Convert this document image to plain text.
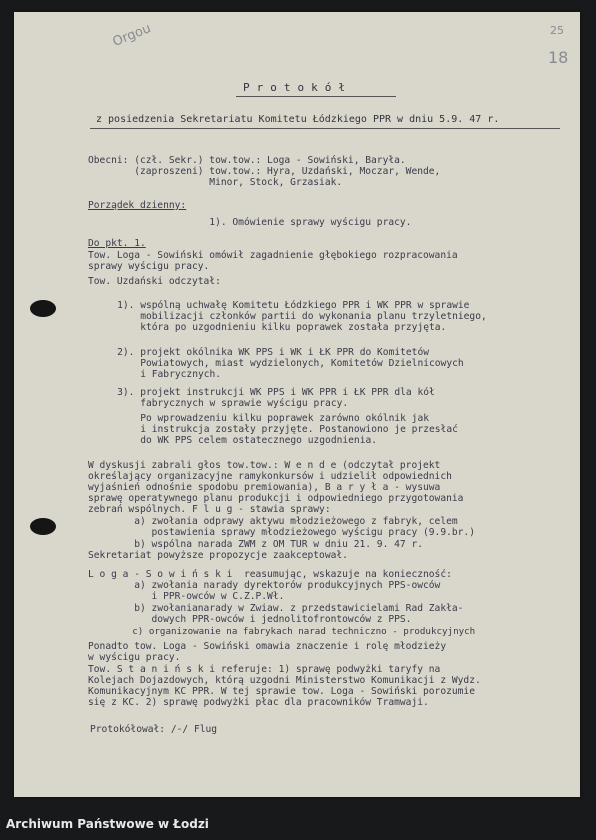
Orgou	25
18
Protokół
z posiedzenia Sekretariatu Komitetu Łódzkiego PPR w dniu 5.9. 47 r.
Obecni: (czł. Sekr.) tow.tow.: Loga - Sowiński, Baryła.
(zaproszeni) tow.tow.: Hyra, Uzdański, Moczar, Wende,
Minor, Stock, Grzasiak.
Porządek dzienny:
1). Omówienie sprawy wyścigu pracy.
Do pkt. 1.
Tow. Loga - Sowiński omówił zagadnienie głębokiego rozpracowania
sprawy wyścigu pracy.
Tow. Uzdański odczytał:
1). wspólną uchwałę Komitetu Łódzkiego PPR i WK PPR w sprawie
mobilizacji członków partii do wykonania planu trzyletniego,
która po uzgodnieniu kilku poprawek została przyjęta.
2). projekt okólnika WK PPS i WK i ŁK PPR do Komitetów
Powiatowych, miast wydzielonych, Komitetów Dzielnicowych
i Fabrycznych.
3). projekt instrukcji WK PPS i WK PPR i ŁK PPR dla kół
fabrycznych w sprawie wyścigu pracy.
Po wprowadzeniu kilku poprawek zarówno okólnik jak
i instrukcja zostały przyjęte. Postanowiono je przesłać
do WK PPS celem ostatecznego uzgodnienia.
W dyskusji zabrali głos tow.tow.: W e n d e (odczytał projekt
określający organizacyjne ramykonkursów i udzielił odpowiednich
wyjaśnień odnośnie spodobu premiowania), B a r y ł a - wysuwa
sprawę operatywnego planu produkcji i odpowiedniego przygotowania
zebrań wspólnych. F l u g - stawia sprawy:
a) zwołania odprawy aktywu młodzieżowego z fabryk, celem
postawienia sprawy młodzieżowego wyścigu pracy (9.9.br.)
b) wspólna narada ZWM z OM TUR w dniu 21. 9. 47 r.
Sekretariat powyższe propozycje zaakceptował.
L o g a - S o w i ń s k i  reasumując, wskazuje na konieczność:
a) zwołania narady dyrektorów produkcyjnych PPS-owców
i PPR-owców w C.Z.P.Wł.
b) zwołanianarady w Zwiaw. z przedstawicielami Rad Zakła-
dowych PPR-owców i jednolitofrontowców z PPS.
c) organizowanie na fabrykach narad techniczno - produkcyjnych
Ponadto tow. Loga - Sowiński omawia znaczenie i rolę młodzieży
w wyścigu pracy.
Tow. S t a n i ń s k i referuje: 1) sprawę podwyżki taryfy na
Kolejach Dojazdowych, którą uzgodni Ministerstwo Komunikacji z Wydz.
Komunikacyjnym KC PPR. W tej sprawie tow. Loga - Sowiński porozumie
się z KC. 2) sprawę podwyżki płac dla pracowników Tramwaji.
Protokółował: /-/ Flug
Archiwum Państwowe w Łodzi
